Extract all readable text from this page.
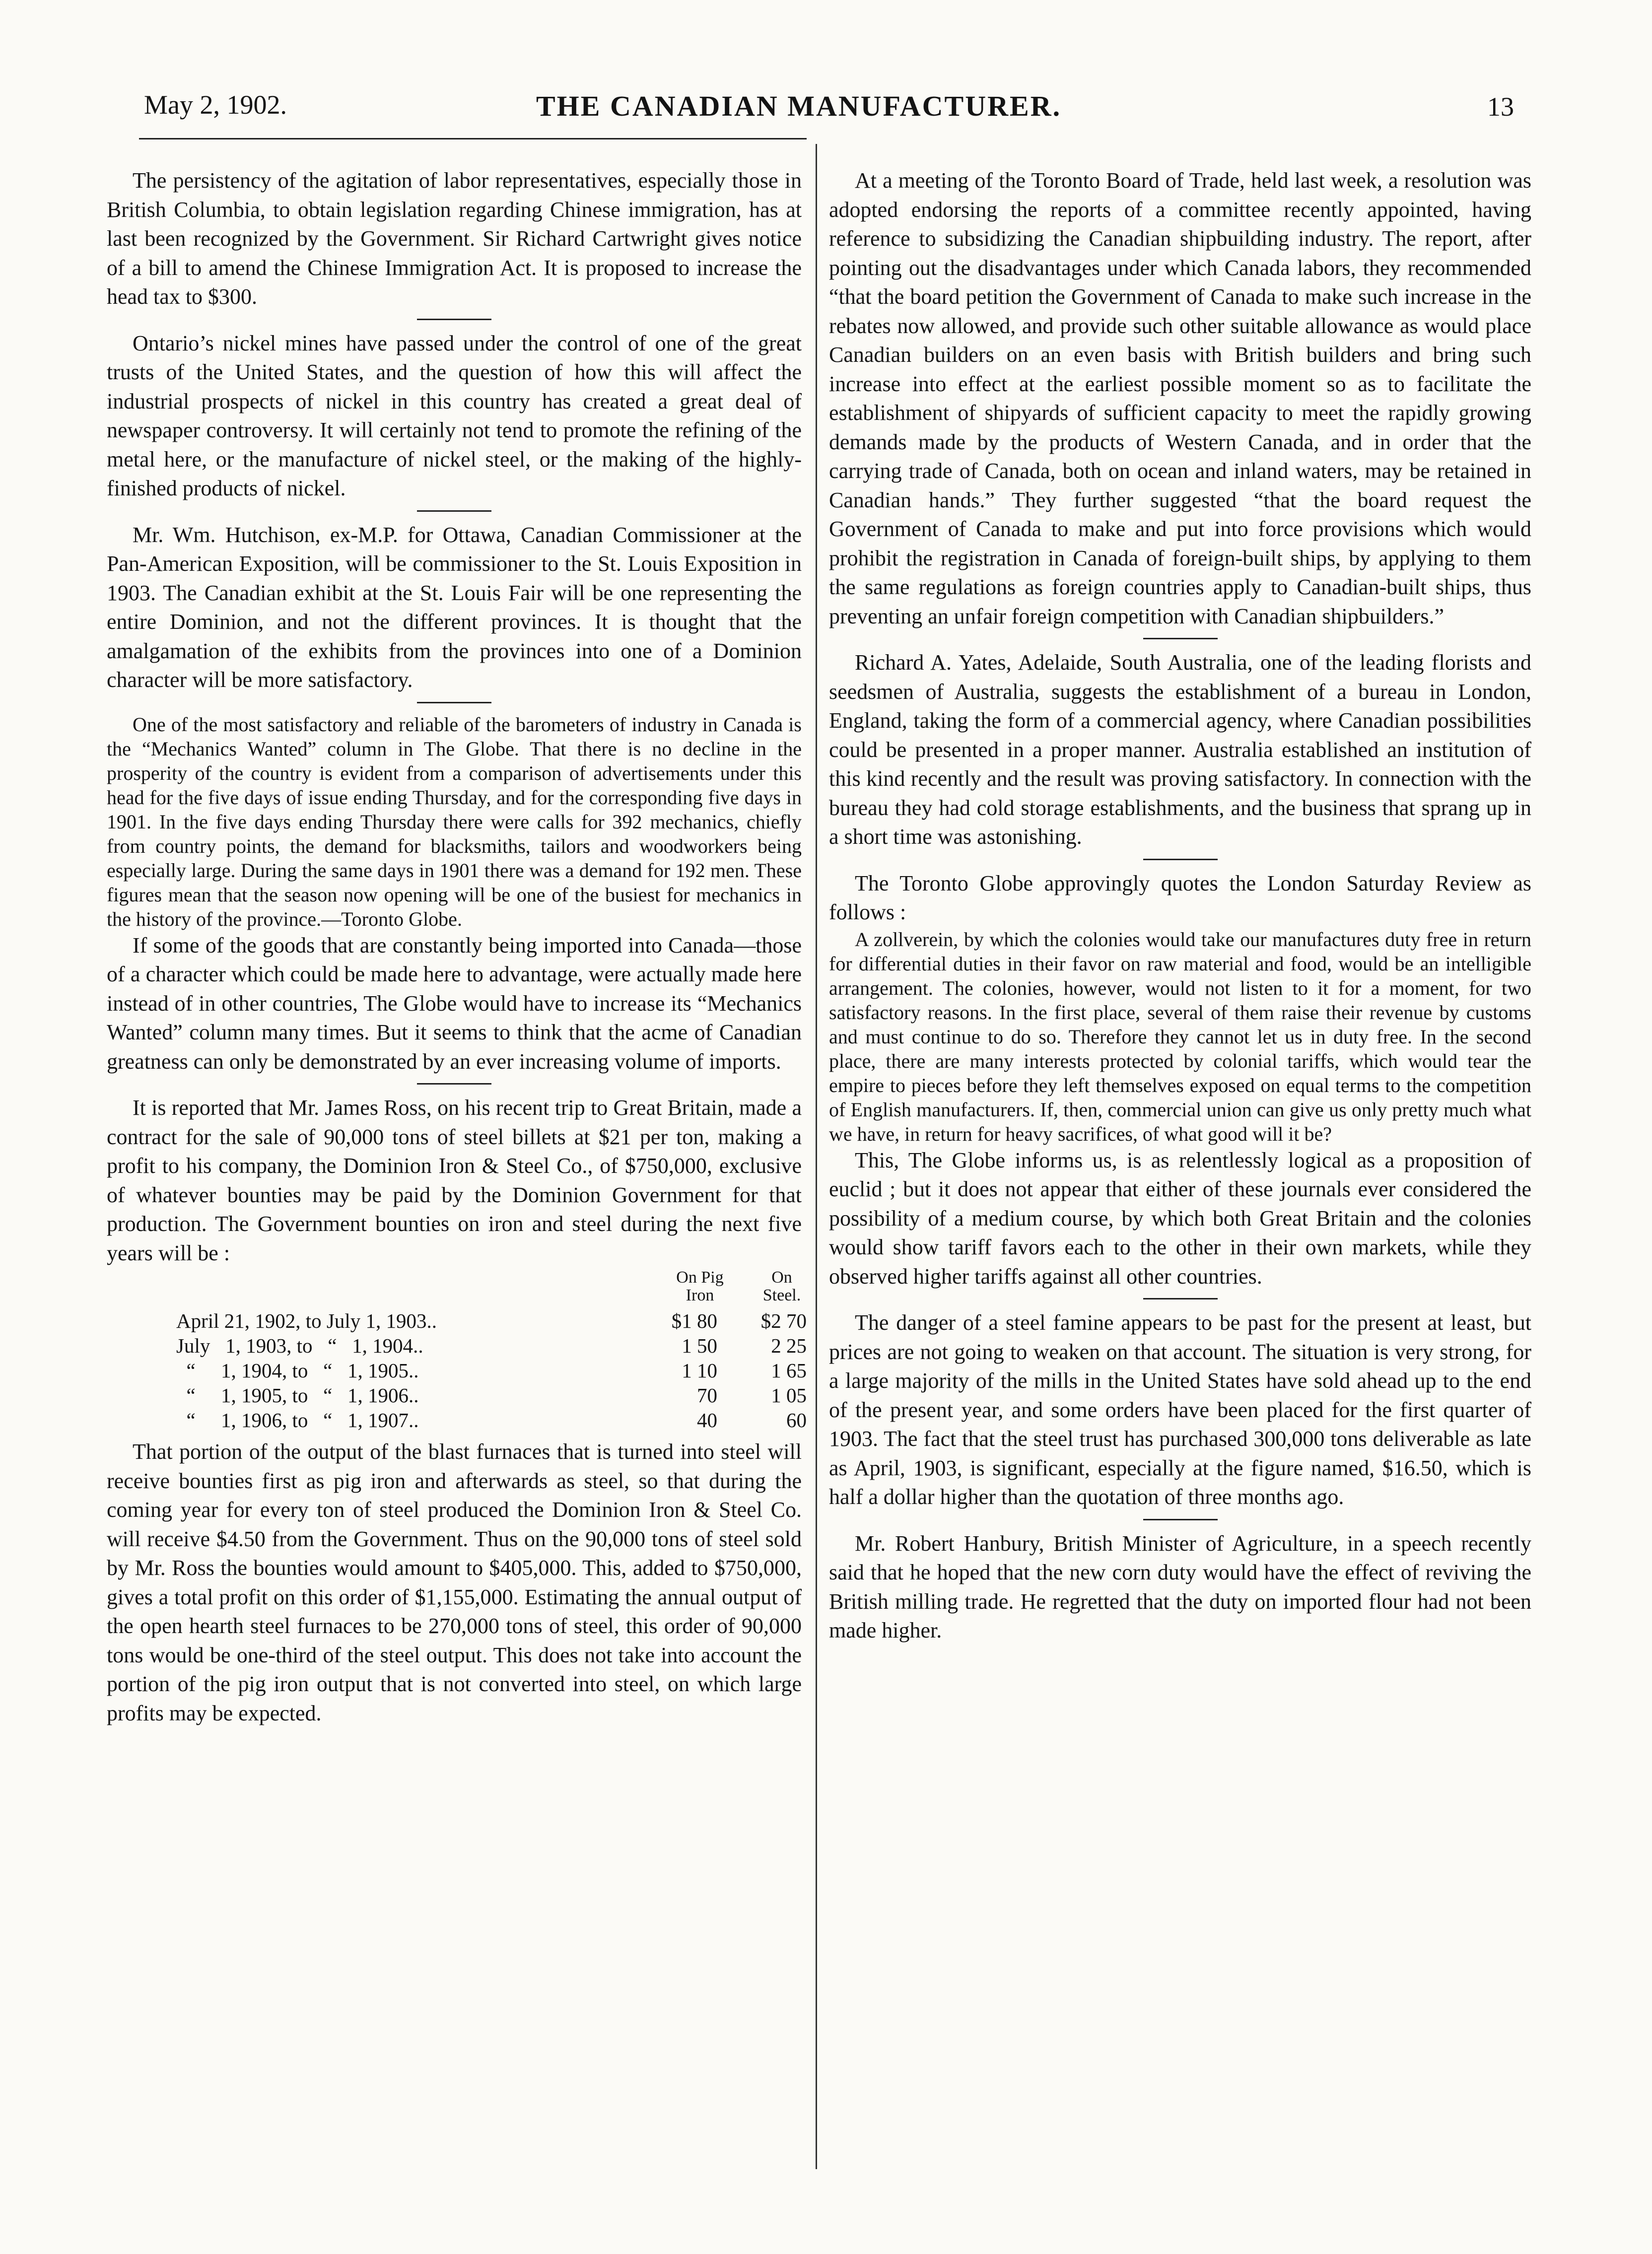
May 2, 1902.	THE CANADIAN MANUFACTURER.	13

The persistency of the agitation of labor representatives, especially those in British Columbia, to obtain legislation regarding Chinese immigration, has at last been recognized by the Government. Sir Richard Cartwright gives notice of a bill to amend the Chinese Immigration Act. It is proposed to increase the head tax to $300.

Ontario’s nickel mines have passed under the control of one of the great trusts of the United States, and the question of how this will affect the industrial prospects of nickel in this country has created a great deal of newspaper controversy. It will certainly not tend to promote the refining of the metal here, or the manufacture of nickel steel, or the making of the highly-finished products of nickel.

Mr. Wm. Hutchison, ex-M.P. for Ottawa, Canadian Commissioner at the Pan-American Exposition, will be commissioner to the St. Louis Exposition in 1903. The Canadian exhibit at the St. Louis Fair will be one representing the entire Dominion, and not the different provinces. It is thought that the amalgamation of the exhibits from the provinces into one of a Dominion character will be more satisfactory.

One of the most satisfactory and reliable of the barometers of industry in Canada is the “Mechanics Wanted” column in The Globe. That there is no decline in the prosperity of the country is evident from a comparison of advertisements under this head for the five days of issue ending Thursday, and for the corresponding five days in 1901. In the five days ending Thursday there were calls for 392 mechanics, chiefly from country points, the demand for blacksmiths, tailors and woodworkers being especially large. During the same days in 1901 there was a demand for 192 men. These figures mean that the season now opening will be one of the busiest for mechanics in the history of the province.—Toronto Globe.

If some of the goods that are constantly being imported into Canada—those of a character which could be made here to advantage, were actually made here instead of in other countries, The Globe would have to increase its “Mechanics Wanted” column many times. But it seems to think that the acme of Canadian greatness can only be demonstrated by an ever increasing volume of imports.

It is reported that Mr. James Ross, on his recent trip to Great Britain, made a contract for the sale of 90,000 tons of steel billets at $21 per ton, making a profit to his company, the Dominion Iron & Steel Co., of $750,000, exclusive of whatever bounties may be paid by the Dominion Government for that production. The Government bounties on iron and steel during the next five years will be :

On Pig Iron
On Steel.
April 21, 1902, to July 1, 1903..	$1 80	$2 70
July   1, 1903, to   “   1, 1904..	1 50	2 25
“     1, 1904, to   “   1, 1905..	1 10	1 65
“     1, 1905, to   “   1, 1906..	70	1 05
“     1, 1906, to   “   1, 1907..	40	60

That portion of the output of the blast furnaces that is turned into steel will receive bounties first as pig iron and afterwards as steel, so that during the coming year for every ton of steel produced the Dominion Iron & Steel Co. will receive $4.50 from the Government. Thus on the 90,000 tons of steel sold by Mr. Ross the bounties would amount to $405,000. This, added to $750,000, gives a total profit on this order of $1,155,000. Estimating the annual output of the open hearth steel furnaces to be 270,000 tons of steel, this order of 90,000 tons would be one-third of the steel output. This does not take into account the portion of the pig iron output that is not converted into steel, on which large profits may be expected.

At a meeting of the Toronto Board of Trade, held last week, a resolution was adopted endorsing the reports of a committee recently appointed, having reference to subsidizing the Canadian shipbuilding industry. The report, after pointing out the disadvantages under which Canada labors, they recommended “that the board petition the Government of Canada to make such increase in the rebates now allowed, and provide such other suitable allowance as would place Canadian builders on an even basis with British builders and bring such increase into effect at the earliest possible moment so as to facilitate the establishment of shipyards of sufficient capacity to meet the rapidly growing demands made by the products of Western Canada, and in order that the carrying trade of Canada, both on ocean and inland waters, may be retained in Canadian hands.” They further suggested “that the board request the Government of Canada to make and put into force provisions which would prohibit the registration in Canada of foreign-built ships, by applying to them the same regulations as foreign countries apply to Canadian-built ships, thus preventing an unfair foreign competition with Canadian shipbuilders.”

Richard A. Yates, Adelaide, South Australia, one of the leading florists and seedsmen of Australia, suggests the establishment of a bureau in London, England, taking the form of a commercial agency, where Canadian possibilities could be presented in a proper manner. Australia established an institution of this kind recently and the result was proving satisfactory. In connection with the bureau they had cold storage establishments, and the business that sprang up in a short time was astonishing.

The Toronto Globe approvingly quotes the London Saturday Review as follows :

A zollverein, by which the colonies would take our manufactures duty free in return for differential duties in their favor on raw material and food, would be an intelligible arrangement. The colonies, however, would not listen to it for a moment, for two satisfactory reasons. In the first place, several of them raise their revenue by customs and must continue to do so. Therefore they cannot let us in duty free. In the second place, there are many interests protected by colonial tariffs, which would tear the empire to pieces before they left themselves exposed on equal terms to the competition of English manufacturers. If, then, commercial union can give us only pretty much what we have, in return for heavy sacrifices, of what good will it be?

This, The Globe informs us, is as relentlessly logical as a proposition of euclid ; but it does not appear that either of these journals ever considered the possibility of a medium course, by which both Great Britain and the colonies would show tariff favors each to the other in their own markets, while they observed higher tariffs against all other countries.

The danger of a steel famine appears to be past for the present at least, but prices are not going to weaken on that account. The situation is very strong, for a large majority of the mills in the United States have sold ahead up to the end of the present year, and some orders have been placed for the first quarter of 1903. The fact that the steel trust has purchased 300,000 tons deliverable as late as April, 1903, is significant, especially at the figure named, $16.50, which is half a dollar higher than the quotation of three months ago.

Mr. Robert Hanbury, British Minister of Agriculture, in a speech recently said that he hoped that the new corn duty would have the effect of reviving the British milling trade. He regretted that the duty on imported flour had not been made higher.
